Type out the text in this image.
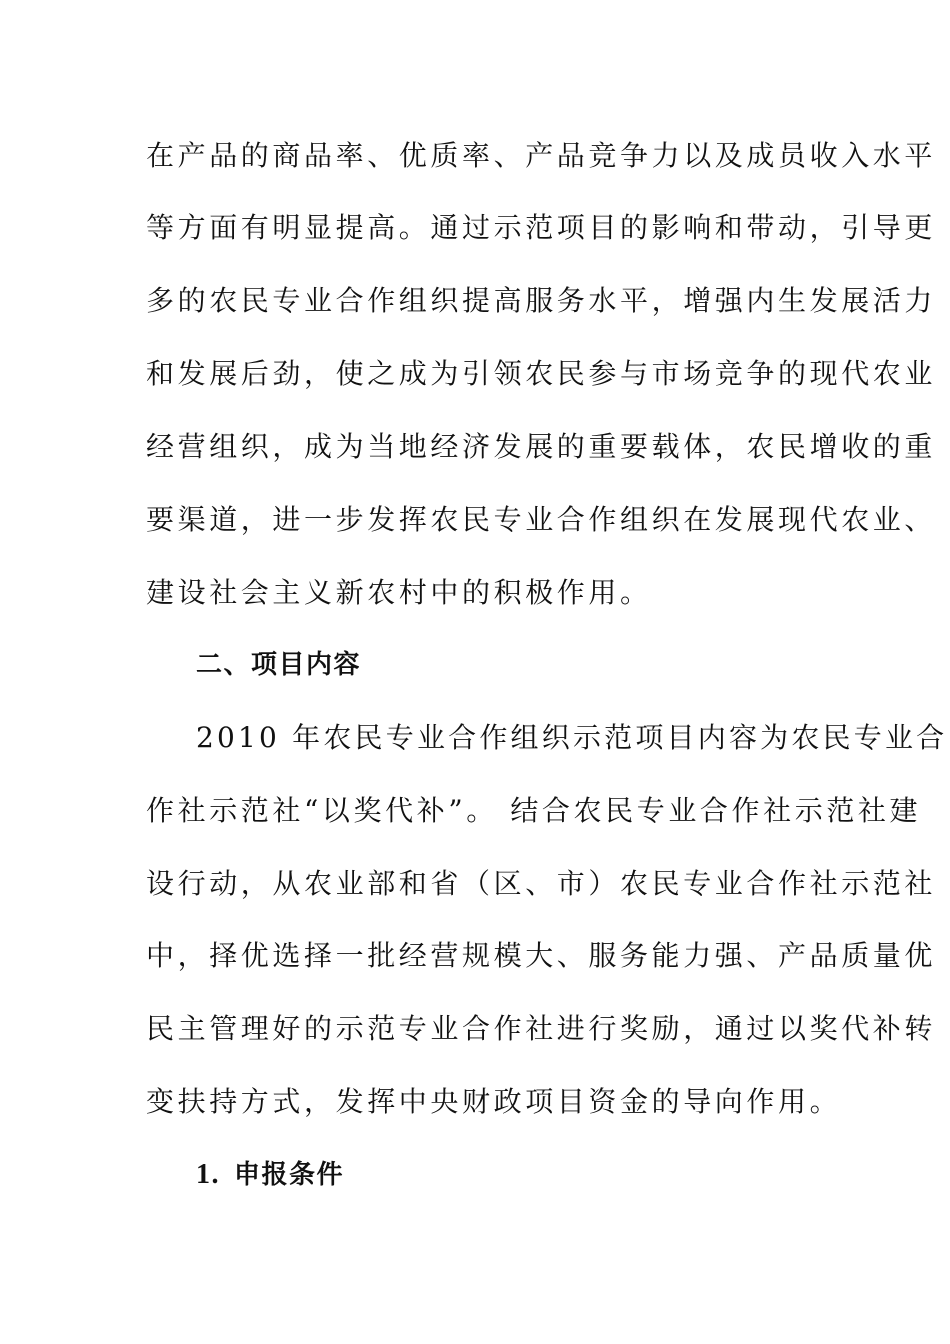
在产品的商品率、优质率、产品竞争力以及成员收入水平
等方面有明显提高。通过示范项目的影响和带动，引导更
多的农民专业合作组织提高服务水平，增强内生发展活力
和发展后劲，使之成为引领农民参与市场竞争的现代农业
经营组织，成为当地经济发展的重要载体，农民增收的重
要渠道，进一步发挥农民专业合作组织在发展现代农业、
建设社会主义新农村中的积极作用。
二、项目内容
2010 年农民专业合作组织示范项目内容为农民专业合
作社示范社“以奖代补”。 结合农民专业合作社示范社建
设行动，从农业部和省（区、市）农民专业合作社示范社
中，择优选择一批经营规模大、服务能力强、产品质量优
民主管理好的示范专业合作社进行奖励，通过以奖代补转
变扶持方式，发挥中央财政项目资金的导向作用。
1. 申报条件
